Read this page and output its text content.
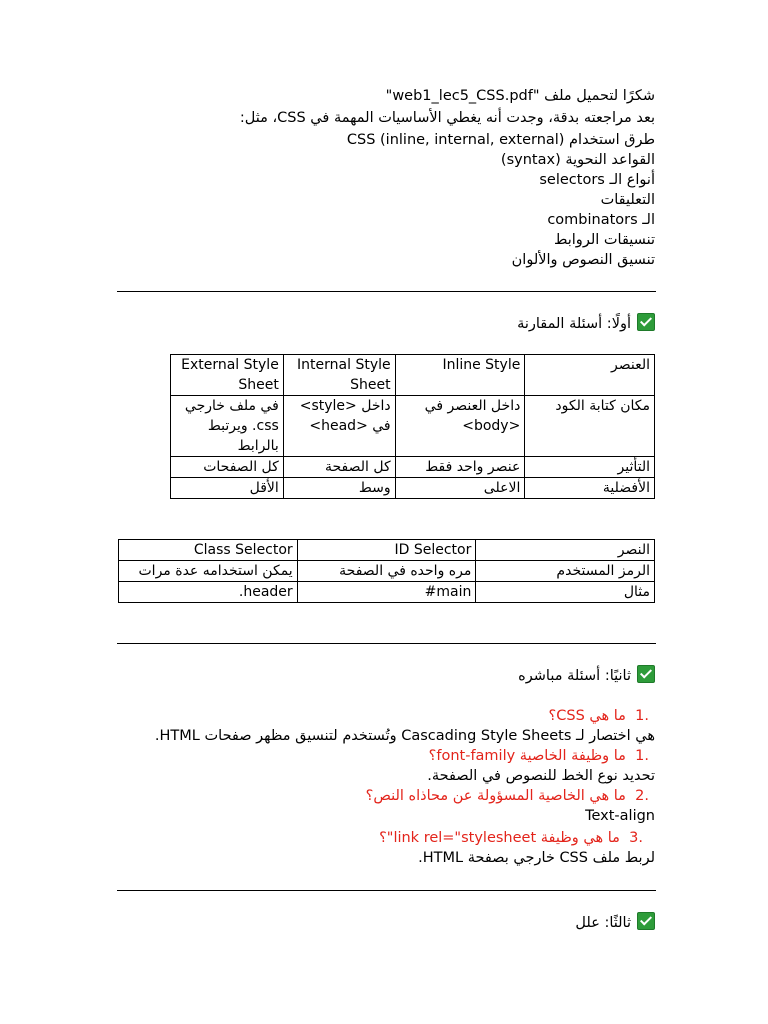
شكرًا لتحميل ملف "web1_lec5_CSS.pdf"
بعد مراجعته بدقة، وجدت أنه يغطي الأساسيات المهمة في CSS، مثل:
طرق استخدام CSS (inline, internal, external)
القواعد النحوية (syntax)
أنواع الـ selectors
التعليقات
الـ combinators
تنسيقات الروابط
تنسيق النصوص والألوان
أولًا: أسئلة المقارنة
العنصر	Inline Style	Internal Style Sheet	External Style Sheet
مكان كتابة الكود	داخل العنصر في <body>	داخل <style> في <head>	في ملف خارجي css. ويرتبط بالرابط
التأثير	عنصر واحد فقط	كل الصفحة	كل الصفحات
الأفضلية	الاعلى	وسط	الأقل
النصر	ID Selector	Class Selector
الرمز المستخدم	مره واحده في الصفحة	يمكن استخدامه عدة مرات
مثال	main#	header.
ثانيًا: أسئلة مباشره
1.  ما هي CSS؟
هي اختصار لـ Cascading Style Sheets وتُستخدم لتنسيق مظهر صفحات HTML.
1.  ما وظيفة الخاصية font-family؟
تحديد نوع الخط للنصوص في الصفحة.
2.  ما هي الخاصية المسؤولة عن محاذاه النص؟
Text-align
3.  ما هي وظيفة link rel="stylesheet"؟
لربط ملف CSS خارجي بصفحة HTML.
ثالثًا: علل
